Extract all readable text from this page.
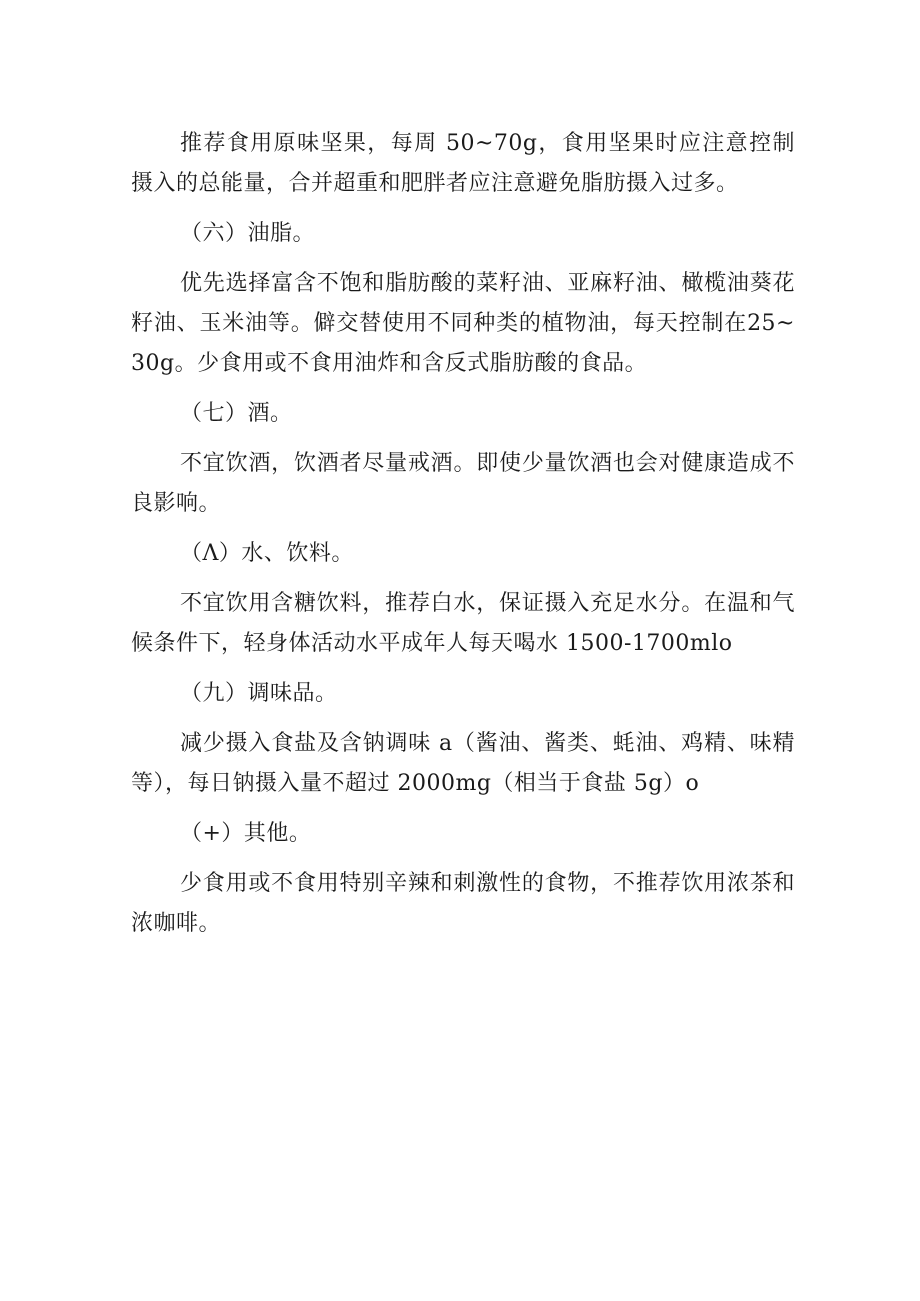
推荐食用原味坚果，每周 50~70g，食用坚果时应注意控制摄入的总能量，合并超重和肥胖者应注意避免脂肪摄入过多。

（六）油脂。

优先选择富含不饱和脂肪酸的菜籽油、亚麻籽油、橄榄油葵花籽油、玉米油等。僻交替使用不同种类的植物油，每天控制在25~30g。少食用或不食用油炸和含反式脂肪酸的食品。

（七）酒。

不宜饮酒，饮酒者尽量戒酒。即使少量饮酒也会对健康造成不良影响。

（Λ）水、饮料。

不宜饮用含糖饮料，推荐白水，保证摄入充足水分。在温和气候条件下，轻身体活动水平成年人每天喝水 1500-1700mlo

（九）调味品。

减少摄入食盐及含钠调味 a（酱油、酱类、蚝油、鸡精、味精等），每日钠摄入量不超过 2000mg（相当于食盐 5g）o

（+）其他。

少食用或不食用特别辛辣和刺激性的食物，不推荐饮用浓茶和浓咖啡。
